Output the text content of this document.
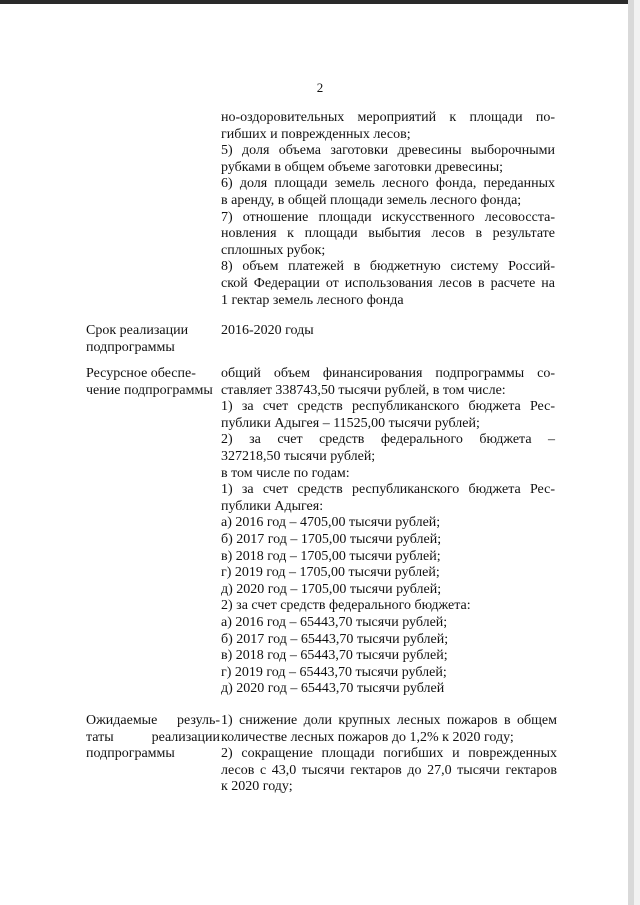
2
но-оздоровительных мероприятий к площади по-
гибших и поврежденных лесов;
5) доля объема заготовки древесины выборочными
рубками в общем объеме заготовки древесины;
6) доля площади земель лесного фонда, переданных
в аренду, в общей площади земель лесного фонда;
7) отношение площади искусственного лесовосста-
новления к площади выбытия лесов в результате
сплошных рубок;
8) объем платежей в бюджетную систему Россий-
ской Федерации от использования лесов в расчете на
1 гектар земель лесного фонда
Срок реализации
подпрограммы
2016-2020 годы
Ресурсное обеспе-
чение подпрограммы
общий объем финансирования подпрограммы со-
ставляет 338743,50 тысячи рублей, в том числе:
1) за счет средств республиканского бюджета Рес-
публики Адыгея – 11525,00 тысячи рублей;
2) за счет средств федерального бюджета –
327218,50 тысячи рублей;
в том числе по годам:
1) за счет средств республиканского бюджета Рес-
публики Адыгея:
а) 2016 год – 4705,00 тысячи рублей;
б) 2017 год – 1705,00 тысячи рублей;
в) 2018 год – 1705,00 тысячи рублей;
г) 2019 год – 1705,00 тысячи рублей;
д) 2020 год – 1705,00 тысячи рублей;
2) за счет средств федерального бюджета:
а) 2016 год – 65443,70 тысячи рублей;
б) 2017 год – 65443,70 тысячи рублей;
в) 2018 год – 65443,70 тысячи рублей;
г) 2019 год – 65443,70 тысячи рублей;
д) 2020 год – 65443,70 тысячи рублей
Ожидаемые резуль-
таты реализации
подпрограммы
1) снижение доли крупных лесных пожаров в общем
количестве лесных пожаров до 1,2% к 2020 году;
2) сокращение площади погибших и поврежденных
лесов с 43,0 тысячи гектаров до 27,0 тысячи гектаров
к 2020 году;
